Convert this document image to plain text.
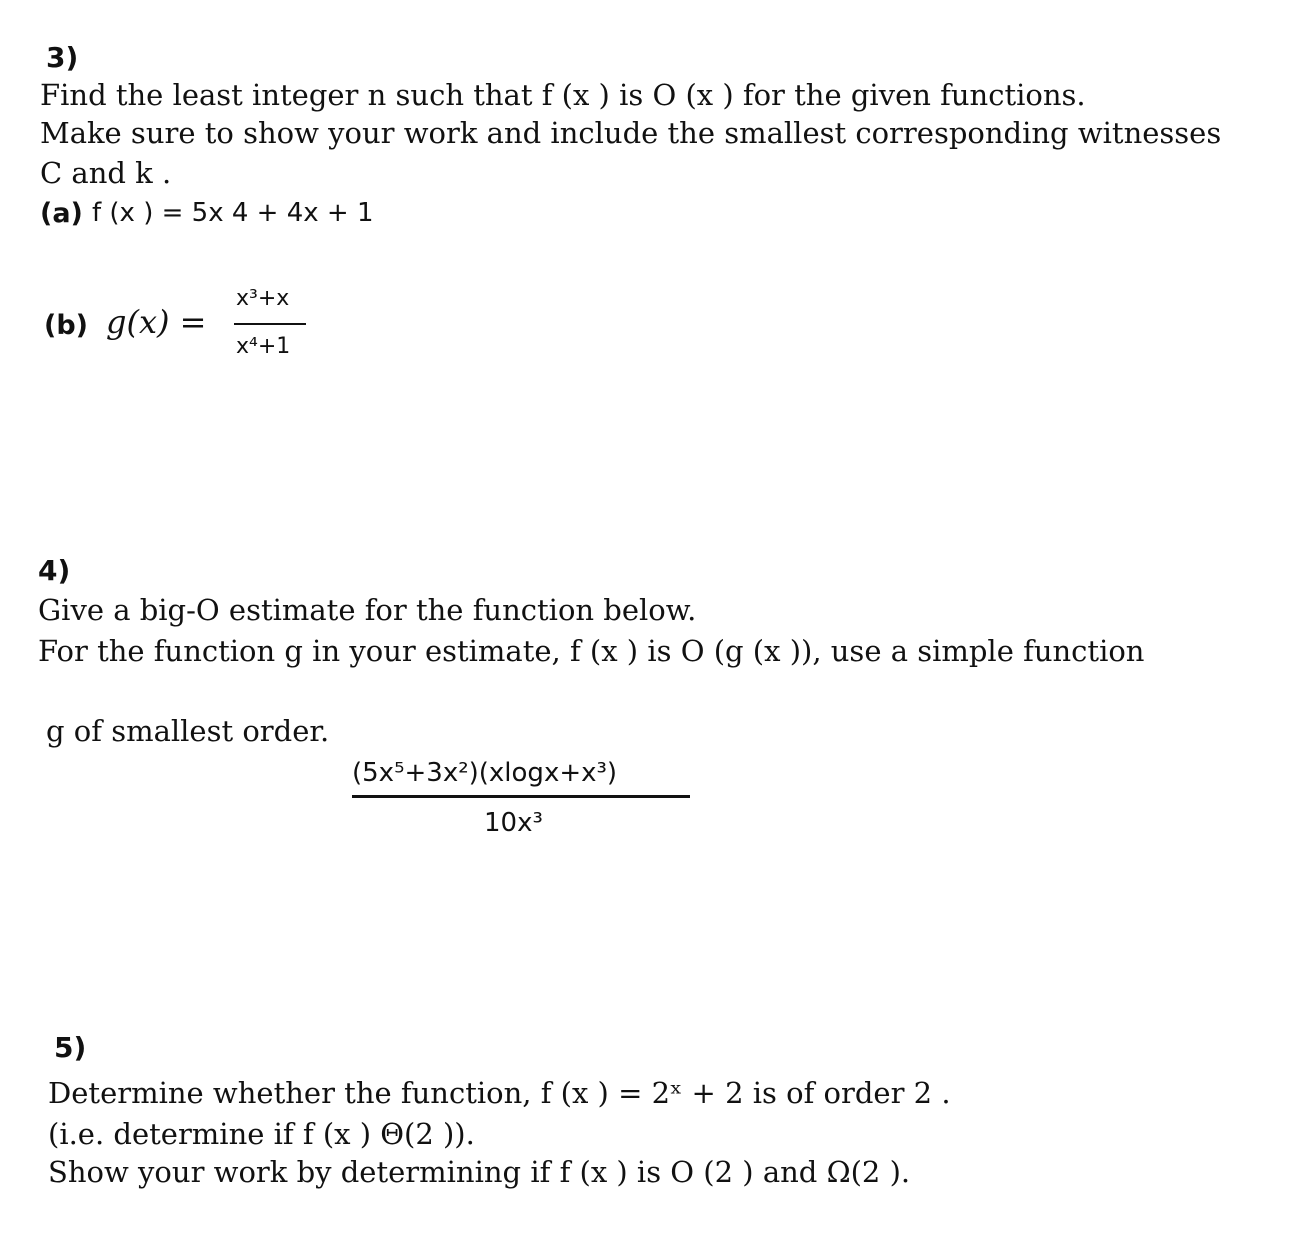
3)
Find the least integer n such that f (x ) is O (x ) for the given functions.
Make sure to show your work and include the smallest corresponding witnesses
C and k .
(a) f (x ) = 5x 4 + 4x + 1
(b) g(x) =
x³+x
x⁴+1
4)
Give a big-O estimate for the function below.
For the function g in your estimate, f (x ) is O (g (x )), use a simple function
g of smallest order.
(5x⁵+3x²)(xlogx+x³)
10x³
5)
Determine whether the function, f (x ) = 2ˣ + 2 is of order 2 .
(i.e. determine if f (x ) Θ(2 )).
Show your work by determining if f (x ) is O (2 ) and Ω(2 ).
